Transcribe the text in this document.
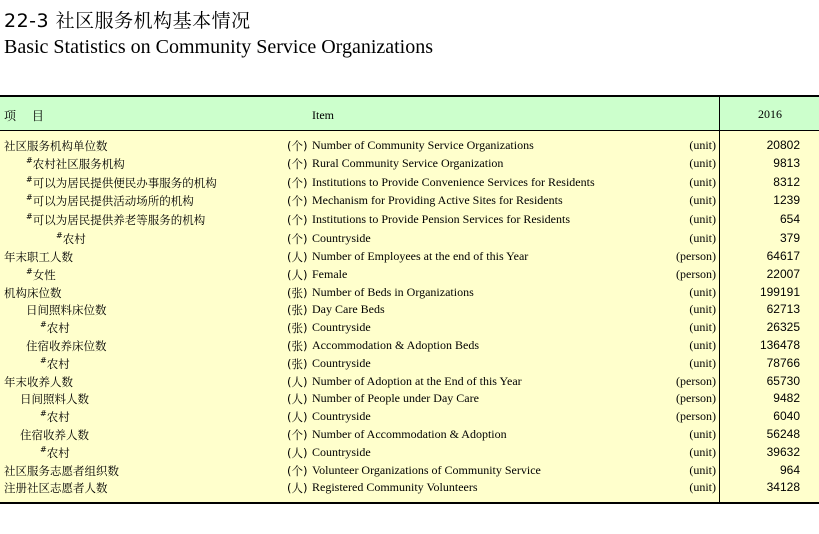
22-3 社区服务机构基本情况
Basic Statistics on Community Service Organizations
项 目	Item	2016
社区服务机构单位数	(个) Number of Community Service Organizations	(unit)	20802
#农村社区服务机构	(个) Rural Community Service Organization	(unit)	9813
#可以为居民提供便民办事服务的机构	(个) Institutions to Provide Convenience Services for Residents	(unit)	8312
#可以为居民提供活动场所的机构	(个) Mechanism for Providing Active Sites for Residents	(unit)	1239
#可以为居民提供养老等服务的机构	(个) Institutions to Provide Pension Services for Residents	(unit)	654
#农村	(个) Countryside	(unit)	379
年末职工人数	(人) Number of Employees at the end of this Year	(person)	64617
#女性	(人) Female	(person)	22007
机构床位数	(张) Number of Beds in Organizations	(unit)	199191
日间照料床位数	(张) Day Care Beds	(unit)	62713
#农村	(张) Countryside	(unit)	26325
住宿收养床位数	(张) Accommodation & Adoption Beds	(unit)	136478
#农村	(张) Countryside	(unit)	78766
年末收养人数	(人) Number of Adoption at the End of this Year	(person)	65730
日间照料人数	(人) Number of People under Day Care	(person)	9482
#农村	(人) Countryside	(person)	6040
住宿收养人数	(个) Number of Accommodation & Adoption	(unit)	56248
#农村	(人) Countryside	(unit)	39632
社区服务志愿者组织数	(个) Volunteer Organizations of Community Service	(unit)	964
注册社区志愿者人数	(人) Registered Community Volunteers	(unit)	34128
